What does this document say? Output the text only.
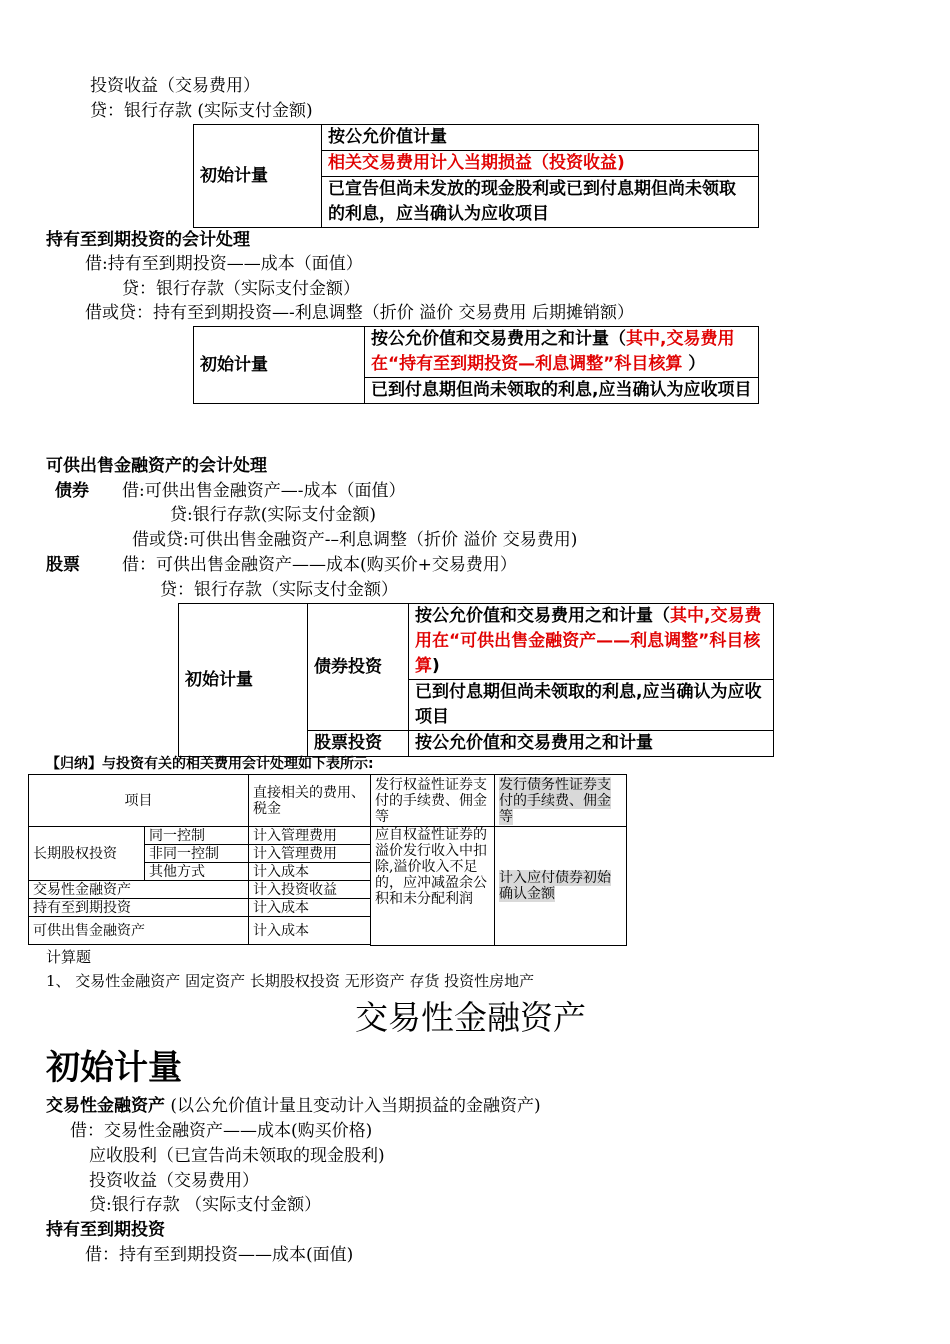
投资收益（交易费用）
贷：银行存款 (实际支付金额)
初始计量	按公允价值计量
相关交易费用计入当期损益（投资收益)
已宣告但尚未发放的现金股利或已到付息期但尚未领取的利息，应当确认为应收项目
持有至到期投资的会计处理
借:持有至到期投资——成本（面值）
贷：银行存款（实际支付金额）
借或贷：持有至到期投资—-利息调整（折价 溢价 交易费用 后期摊销额）
初始计量	按公允价值和交易费用之和计量（其中,交易费用在“持有至到期投资—利息调整”科目核算 ）
已到付息期但尚未领取的利息,应当确认为应收项目
可供出售金融资产的会计处理
债券 借:可供出售金融资产—-成本（面值）
贷:银行存款(实际支付金额)
借或贷:可供出售金融资产-–利息调整（折价 溢价 交易费用)
股票 借：可供出售金融资产——成本(购买价+交易费用）
贷：银行存款（实际支付金额）
初始计量	债券投资	按公允价值和交易费用之和计量（其中,交易费用在“可供出售金融资产——利息调整”科目核算)
		已到付息期但尚未领取的利息,应当确认为应收项目
	股票投资	按公允价值和交易费用之和计量
【归纳】与投资有关的相关费用会计处理如下表所示:
项目		直接相关的费用、税金	发行权益性证券支付的手续费、佣金等	发行债务性证券支付的手续费、佣金等
长期股权投资	同一控制	计入管理费用	应自权益性证券的溢价发行收入中扣除,溢价收入不足的，应冲减盈余公积和未分配利润	计入应付债券初始确认金额
	非同一控制	计入管理费用		
	其他方式	计入成本		
交易性金融资产		计入投资收益		
持有至到期投资		计入成本		
可供出售金融资产		计入成本		

计算题
1、 交易性金融资产 固定资产 长期股权投资 无形资产 存货 投资性房地产
交易性金融资产
初始计量
交易性金融资产 (以公允价值计量且变动计入当期损益的金融资产)
借：交易性金融资产——成本(购买价格)
应收股利（已宣告尚未领取的现金股利)
投资收益（交易费用）
贷:银行存款 （实际支付金额）
持有至到期投资
借：持有至到期投资——成本(面值)
